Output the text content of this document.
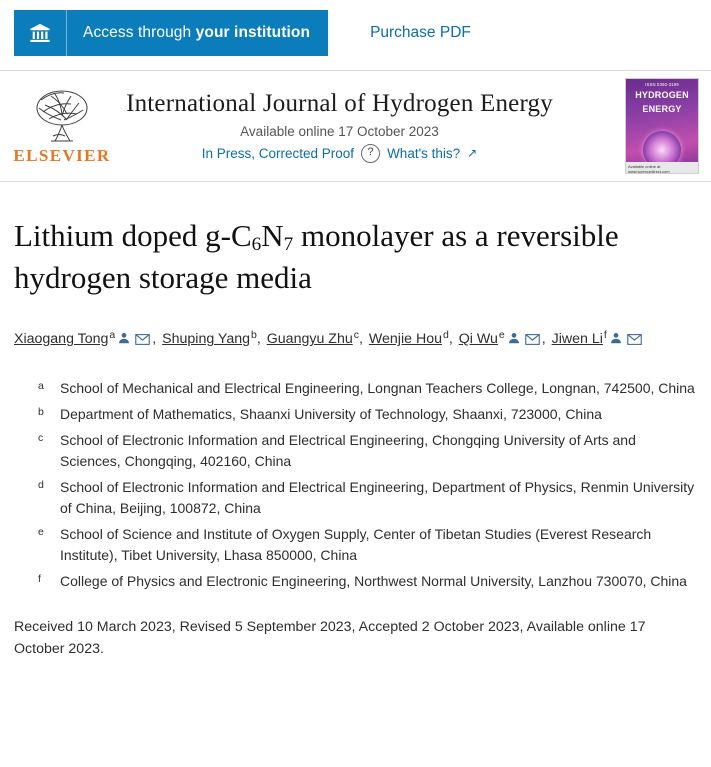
Access through your institution	Purchase PDF
ELSEVIER
International Journal of Hydrogen Energy
Available online 17 October 2023
In Press, Corrected Proof	? What's this? ↗
ISSN 0360-3199
HYDROGEN
ENERGY
Available online at www.sciencedirect.com
Lithium doped $g-C_6N_7$ monolayer as a reversible hydrogen storage media
Xiaogang Tong$^a$	, Shuping Yang$^b$, Guangyu Zhu$^c$, Wenjie Hou$^d$, Qi Wu$^e$	, Jiwen Li$^f$
a	School of Mechanical and Electrical Engineering, Longnan Teachers College, Longnan, 742500, China
b	Department of Mathematics, Shaanxi University of Technology, Shaanxi, 723000, China
c	School of Electronic Information and Electrical Engineering, Chongqing University of Arts and Sciences, Chongqing, 402160, China
d	School of Electronic Information and Electrical Engineering, Department of Physics, Renmin University of China, Beijing, 100872, China
e	School of Science and Institute of Oxygen Supply, Center of Tibetan Studies (Everest Research Institute), Tibet University, Lhasa 850000, China
f	College of Physics and Electronic Engineering, Northwest Normal University, Lanzhou 730070, China
Received 10 March 2023, Revised 5 September 2023, Accepted 2 October 2023, Available online 17 October 2023.
